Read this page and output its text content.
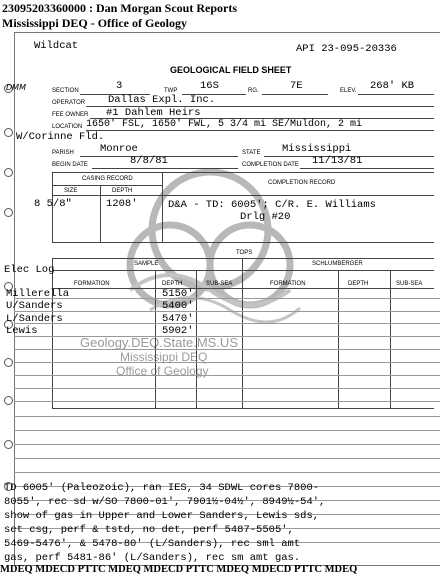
23095203360000 : Dan Morgan Scout Reports
Mississippi DEQ - Office of Geology
Geology.DEQ.State.MS.US
Mississippi DEQ
Office of Geology
Wildcat	API 23-095-20336
GEOLOGICAL FIELD SHEET
DMM	SECTION	3	TWP 16S	RG.	7E	ELEV. 268' KB
OPERATOR Dallas Expl. Inc.
FEE OWNER #1 Dahlem Heirs
LOCATION 1650' FSL, 1650' FWL, 5 3/4 mi SE/Muldon, 2 mi
W/Corinne Fld.
PARISH Monroe	STATE Mississippi
BEGIN DATE	8/8/81	COMPLETION DATE 11/13/81
CASING RECORD
COMPLETION RECORD
SIZE	DEPTH
8 5/8"	1208'	D&A - TD: 6005'; C/R. E. Williams
Drlg #20
TOPS
SAMPLE	SCHLUMBERGER
FORMATION	DEPTH	SUB-SEA	FORMATION	DEPTH	SUB-SEA
Elec Log
Millerella	5150'
U/Sanders	5400'
L/Sanders	5470'
Lewis	5902'
TD 6005' (Paleozoic), ran IES, 34 SDWL cores 7800-
8055', rec sd w/SO 7800-01', 7901½-04½', 8949½-54',
show of gas in Upper and Lower Sanders, Lewis sds,
set csg, perf & tstd, no det, perf 5487-5505',
5469-5476', & 5478-80' (L/Sanders), rec sml amt
gas, perf 5481-86' (L/Sanders), rec sm amt gas.
MDEQ MDECD PTTC MDEQ MDECD PTTC MDEQ MDECD PTTC MDEQ
